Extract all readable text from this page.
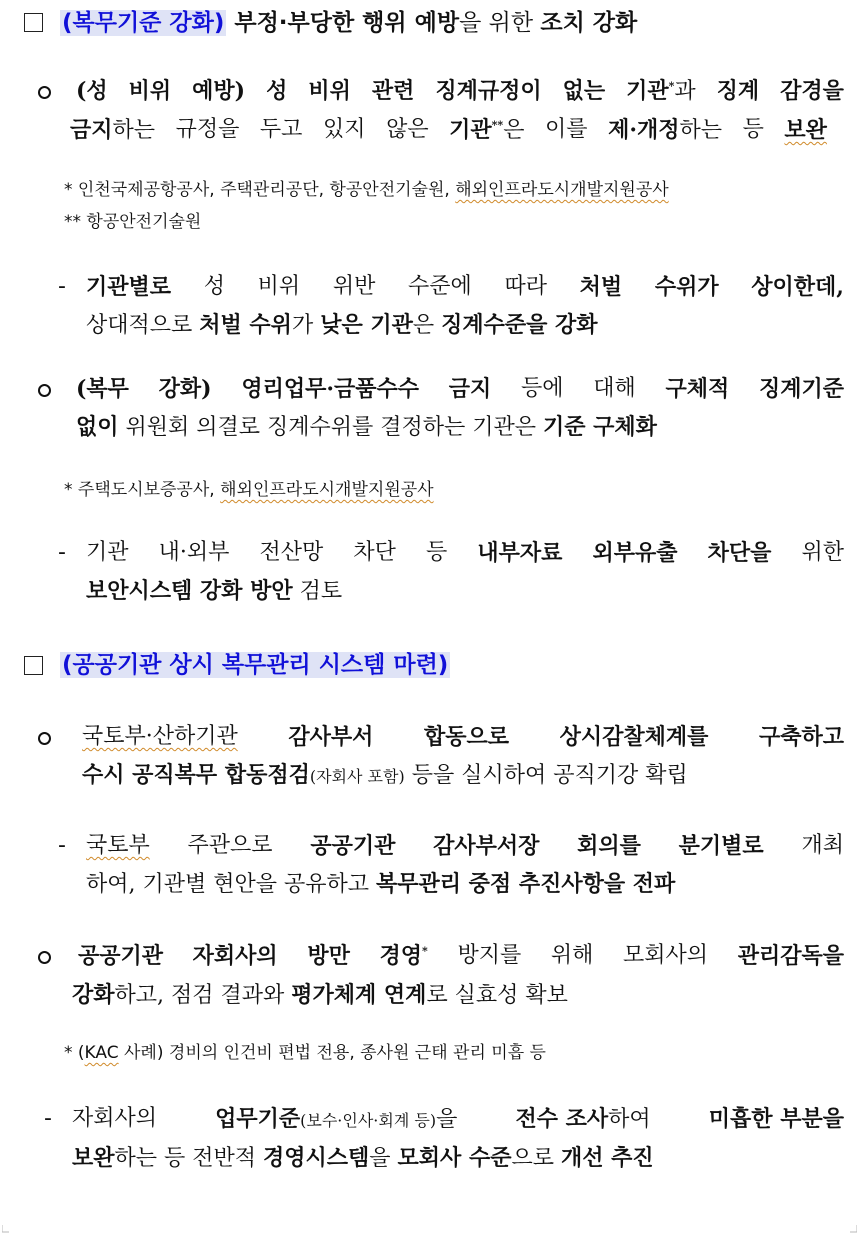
(복무기준 강화) 부정·부당한 행위 예방을 위한 조치 강화
(성 비위 예방) 성 비위 관련 징계규정이 없는 기관*과 징계 감경을
금지하는 규정을 두고 있지 않은 기관**은 이를 제·개정하는 등 보완
* 인천국제공항공사, 주택관리공단, 항공안전기술원, 해외인프라도시개발지원공사
** 항공안전기술원
- 기관별로 성 비위 위반 수준에 따라 처벌 수위가 상이한데,
상대적으로 처벌 수위가 낮은 기관은 징계수준을 강화
(복무 강화) 영리업무·금품수수 금지 등에 대해 구체적 징계기준
없이 위원회 의결로 징계수위를 결정하는 기관은 기준 구체화
* 주택도시보증공사, 해외인프라도시개발지원공사
- 기관 내·외부 전산망 차단 등 내부자료 외부유출 차단을 위한
보안시스템 강화 방안 검토
(공공기관 상시 복무관리 시스템 마련)
국토부·산하기관 감사부서 합동으로 상시감찰체계를 구축하고
수시 공직복무 합동점검(자회사 포함) 등을 실시하여 공직기강 확립
- 국토부 주관으로 공공기관 감사부서장 회의를 분기별로 개최
하여, 기관별 현안을 공유하고 복무관리 중점 추진사항을 전파
공공기관 자회사의 방만 경영* 방지를 위해 모회사의 관리감독을
강화하고, 점검 결과와 평가체계 연계로 실효성 확보
* (KAC 사례) 경비의 인건비 편법 전용, 종사원 근태 관리 미흡 등
- 자회사의	업무기준(보수·인사·회계 등)을	전수 조사하여	미흡한 부분을
보완하는 등 전반적 경영시스템을 모회사 수준으로 개선 추진
